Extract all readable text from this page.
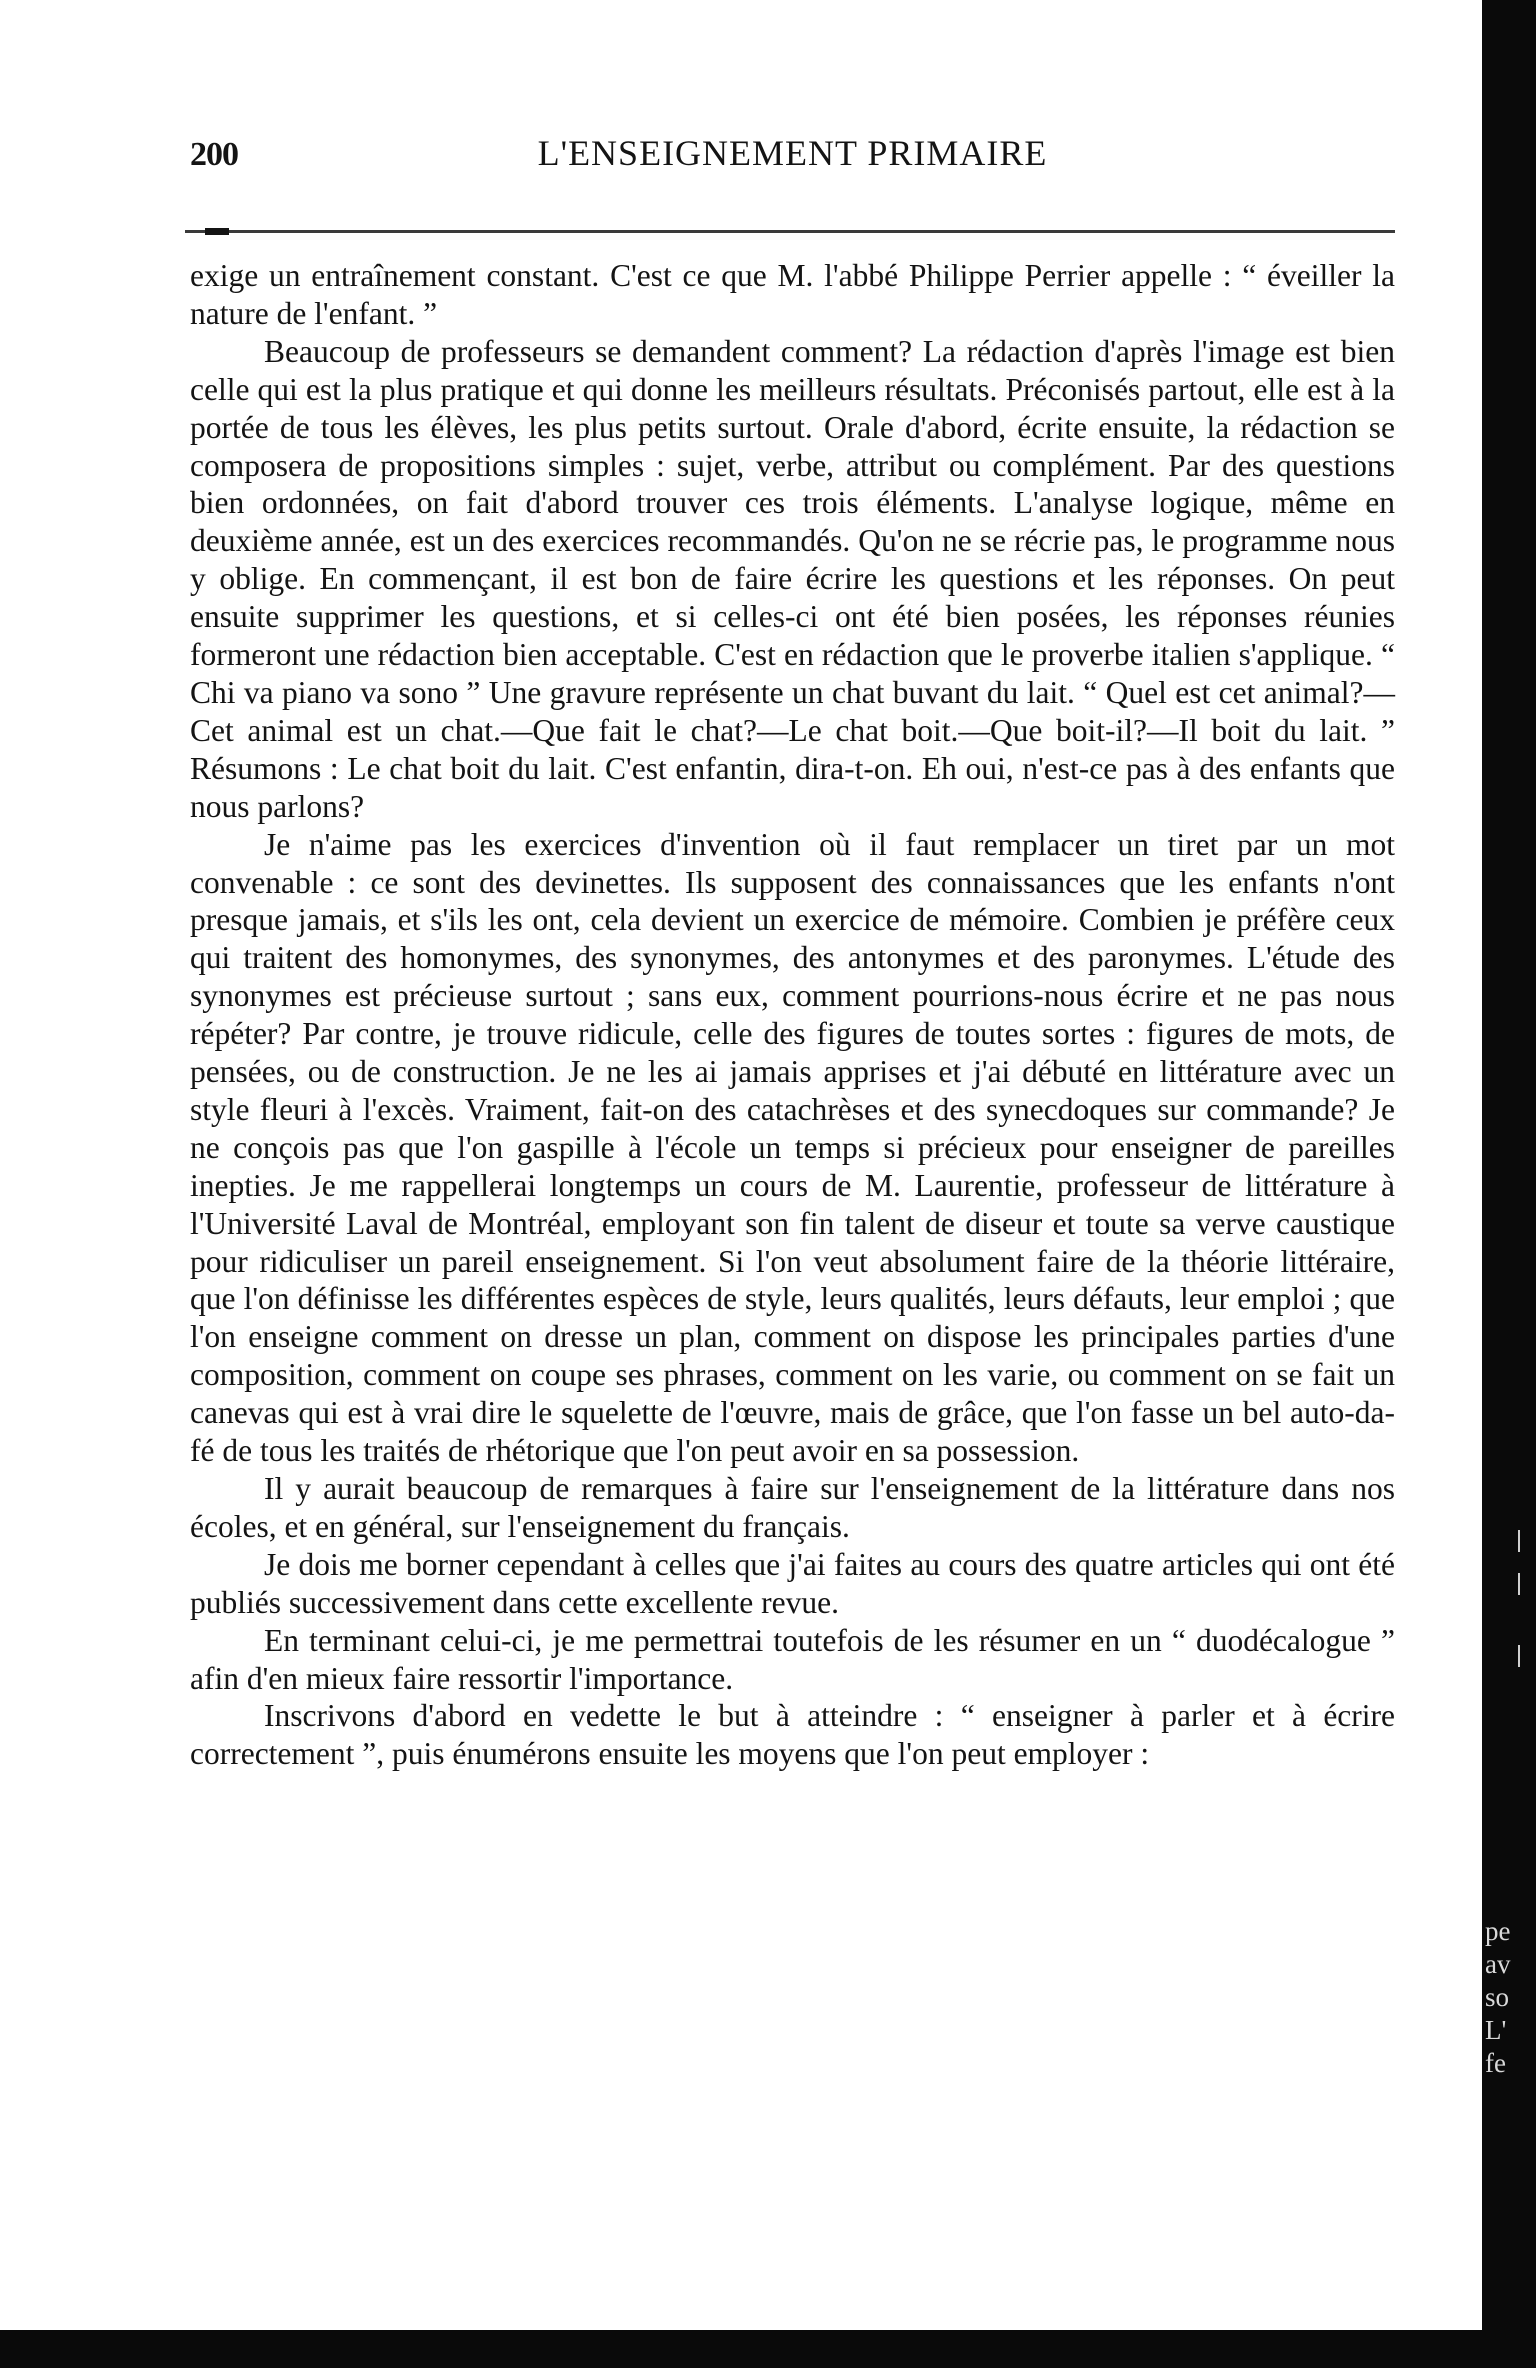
200	L'ENSEIGNEMENT PRIMAIRE

exige un entraînement constant. C'est ce que M. l'abbé Philippe Perrier appelle : “ éveiller la nature de l'enfant. ”

Beaucoup de professeurs se demandent comment? La rédaction d'après l'image est bien celle qui est la plus pratique et qui donne les meilleurs résultats. Préconisés partout, elle est à la portée de tous les élèves, les plus petits surtout. Orale d'abord, écrite ensuite, la rédaction se composera de propositions simples : sujet, verbe, attribut ou complément. Par des questions bien ordonnées, on fait d'abord trouver ces trois éléments. L'analyse logique, même en deuxième année, est un des exercices recommandés. Qu'on ne se récrie pas, le programme nous y oblige. En commençant, il est bon de faire écrire les questions et les réponses. On peut ensuite supprimer les questions, et si celles-ci ont été bien posées, les réponses réunies formeront une rédaction bien acceptable. C'est en rédaction que le proverbe italien s'applique. “ Chi va piano va sono ” Une gravure représente un chat buvant du lait. “ Quel est cet animal?—Cet animal est un chat.—Que fait le chat?—Le chat boit.—Que boit-il?—Il boit du lait. ” Résumons : Le chat boit du lait. C'est enfantin, dira-t-on. Eh oui, n'est-ce pas à des enfants que nous parlons?

Je n'aime pas les exercices d'invention où il faut remplacer un tiret par un mot convenable : ce sont des devinettes. Ils supposent des connaissances que les enfants n'ont presque jamais, et s'ils les ont, cela devient un exercice de mémoire. Combien je préfère ceux qui traitent des homonymes, des synonymes, des antonymes et des paronymes. L'étude des synonymes est précieuse surtout ; sans eux, comment pourrions-nous écrire et ne pas nous répéter? Par contre, je trouve ridicule, celle des figures de toutes sortes : figures de mots, de pensées, ou de construction. Je ne les ai jamais apprises et j'ai débuté en littérature avec un style fleuri à l'excès. Vraiment, fait-on des catachrèses et des synecdoques sur commande? Je ne conçois pas que l'on gaspille à l'école un temps si précieux pour enseigner de pareilles inepties. Je me rappellerai longtemps un cours de M. Laurentie, professeur de littérature à l'Université Laval de Montréal, employant son fin talent de diseur et toute sa verve caustique pour ridiculiser un pareil enseignement. Si l'on veut absolument faire de la théorie littéraire, que l'on définisse les différentes espèces de style, leurs qualités, leurs défauts, leur emploi ; que l'on enseigne comment on dresse un plan, comment on dispose les principales parties d'une composition, comment on coupe ses phrases, comment on les varie, ou comment on se fait un canevas qui est à vrai dire le squelette de l'œuvre, mais de grâce, que l'on fasse un bel auto-da-fé de tous les traités de rhétorique que l'on peut avoir en sa possession.

Il y aurait beaucoup de remarques à faire sur l'enseignement de la littérature dans nos écoles, et en général, sur l'enseignement du français.

Je dois me borner cependant à celles que j'ai faites au cours des quatre articles qui ont été publiés successivement dans cette excellente revue.

En terminant celui-ci, je me permettrai toutefois de les résumer en un “ duodécalogue ” afin d'en mieux faire ressortir l'importance.

Inscrivons d'abord en vedette le but à atteindre : “ enseigner à parler et à écrire correctement ”, puis énumérons ensuite les moyens que l'on peut employer :

pe
av
so
L'
fe
